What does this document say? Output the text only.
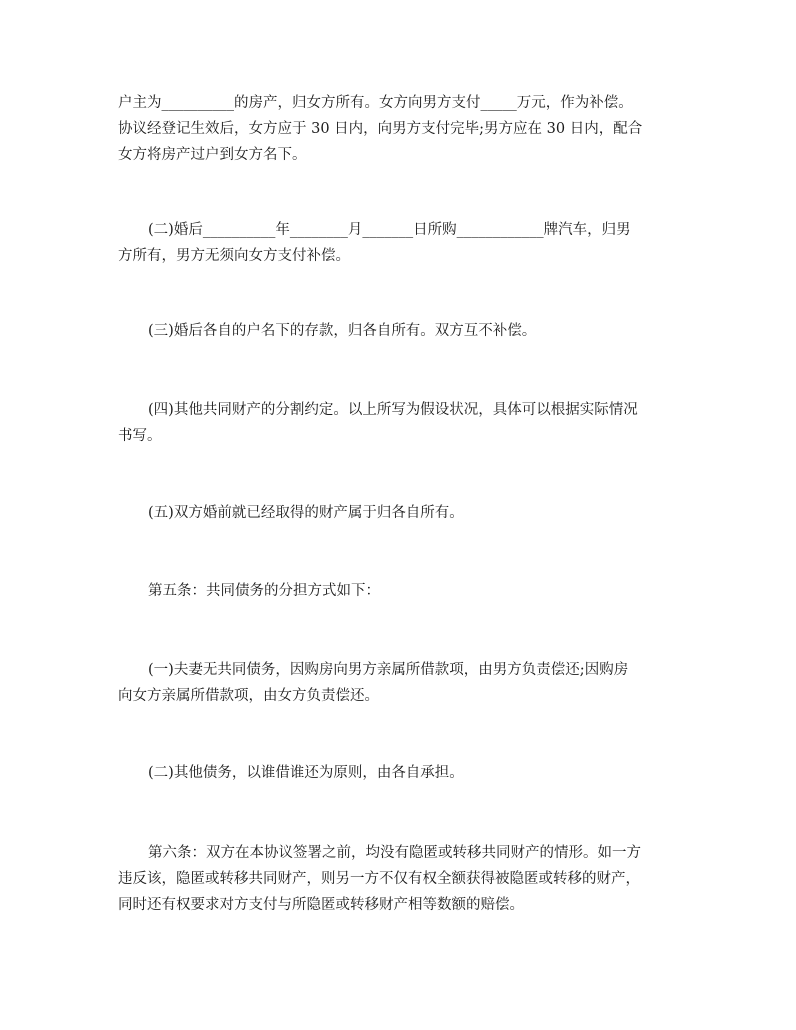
户主为__________的房产，归女方所有。女方向男方支付_____万元，作为补偿。
协议经登记生效后，女方应于 30 日内，向男方支付完毕;男方应在 30 日内，配合
女方将房产过户到女方名下。
(二)婚后__________年________月_______日所购____________牌汽车，归男
方所有，男方无须向女方支付补偿。
(三)婚后各自的户名下的存款，归各自所有。双方互不补偿。
(四)其他共同财产的分割约定。以上所写为假设状况，具体可以根据实际情况
书写。
(五)双方婚前就已经取得的财产属于归各自所有。
第五条：共同债务的分担方式如下：
(一)夫妻无共同债务，因购房向男方亲属所借款项，由男方负责偿还;因购房
向女方亲属所借款项，由女方负责偿还。
(二)其他债务，以谁借谁还为原则，由各自承担。
第六条：双方在本协议签署之前，均没有隐匿或转移共同财产的情形。如一方
违反该，隐匿或转移共同财产，则另一方不仅有权全额获得被隐匿或转移的财产，
同时还有权要求对方支付与所隐匿或转移财产相等数额的赔偿。
